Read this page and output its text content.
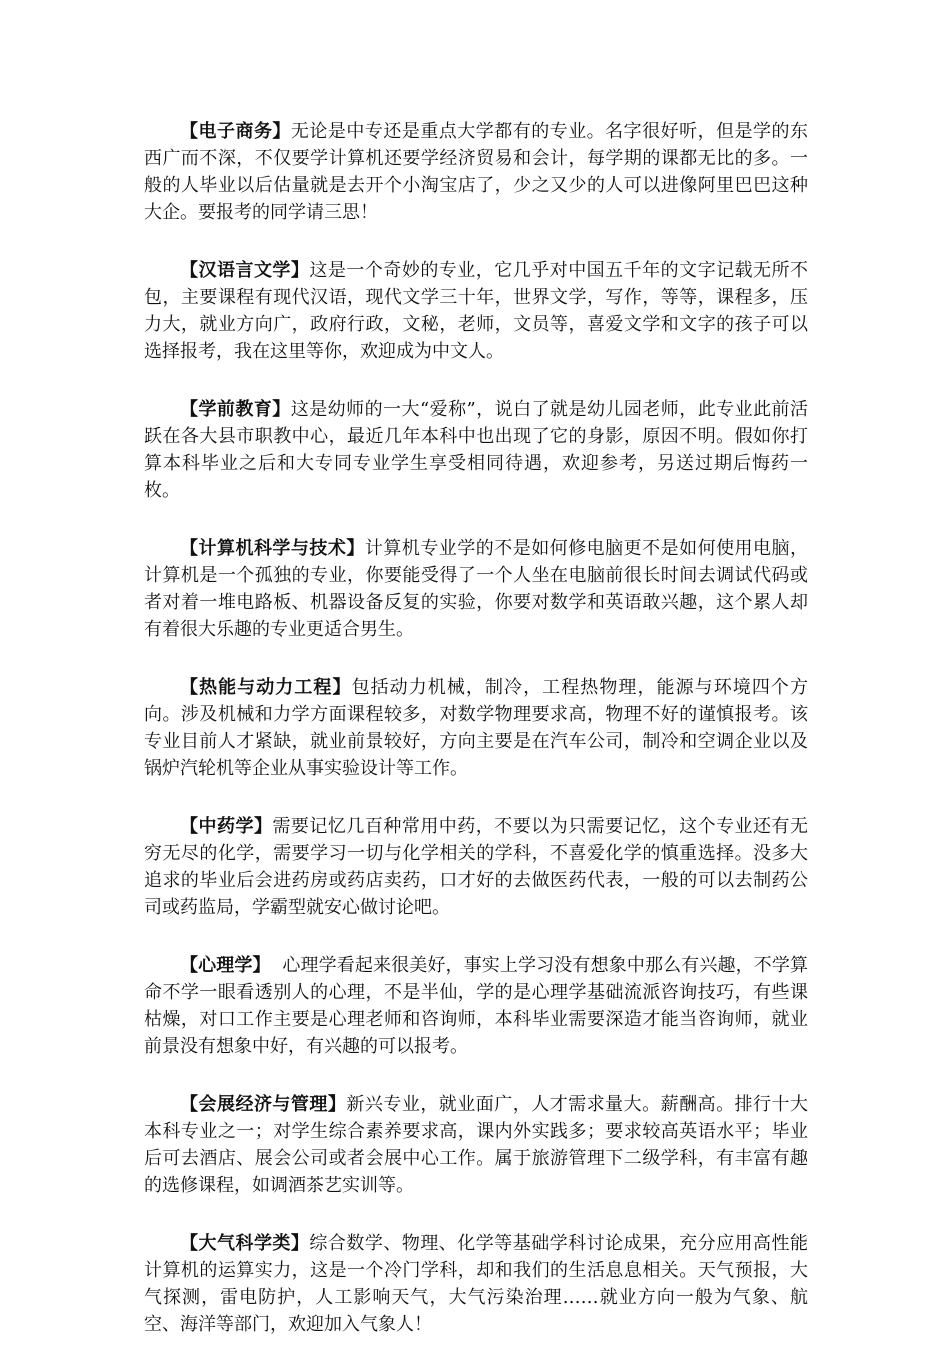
【电子商务】无论是中专还是重点大学都有的专业。名字很好听，但是学的东西广而不深，不仅要学计算机还要学经济贸易和会计，每学期的课都无比的多。一般的人毕业以后估量就是去开个小淘宝店了，少之又少的人可以进像阿里巴巴这种大企。要报考的同学请三思！

【汉语言文学】这是一个奇妙的专业，它几乎对中国五千年的文字记载无所不包，主要课程有现代汉语，现代文学三十年，世界文学，写作，等等，课程多，压力大，就业方向广，政府行政，文秘，老师，文员等，喜爱文学和文字的孩子可以选择报考，我在这里等你，欢迎成为中文人。

【学前教育】这是幼师的一大“爱称”，说白了就是幼儿园老师，此专业此前活跃在各大县市职教中心，最近几年本科中也出现了它的身影，原因不明。假如你打算本科毕业之后和大专同专业学生享受相同待遇，欢迎参考，另送过期后悔药一枚。

【计算机科学与技术】计算机专业学的不是如何修电脑更不是如何使用电脑，计算机是一个孤独的专业，你要能受得了一个人坐在电脑前很长时间去调试代码或者对着一堆电路板、机器设备反复的实验，你要对数学和英语敢兴趣，这个累人却有着很大乐趣的专业更适合男生。

【热能与动力工程】包括动力机械，制冷，工程热物理，能源与环境四个方向。涉及机械和力学方面课程较多，对数学物理要求高，物理不好的谨慎报考。该专业目前人才紧缺，就业前景较好，方向主要是在汽车公司，制冷和空调企业以及锅炉汽轮机等企业从事实验设计等工作。

【中药学】需要记忆几百种常用中药，不要以为只需要记忆，这个专业还有无穷无尽的化学，需要学习一切与化学相关的学科，不喜爱化学的慎重选择。没多大追求的毕业后会进药房或药店卖药，口才好的去做医药代表，一般的可以去制药公司或药监局，学霸型就安心做讨论吧。

【心理学】  心理学看起来很美好，事实上学习没有想象中那么有兴趣，不学算命不学一眼看透别人的心理，不是半仙，学的是心理学基础流派咨询技巧，有些课枯燥，对口工作主要是心理老师和咨询师，本科毕业需要深造才能当咨询师，就业前景没有想象中好，有兴趣的可以报考。

【会展经济与管理】新兴专业，就业面广，人才需求量大。薪酬高。排行十大本科专业之一；对学生综合素养要求高，课内外实践多；要求较高英语水平；毕业后可去酒店、展会公司或者会展中心工作。属于旅游管理下二级学科，有丰富有趣的选修课程，如调酒茶艺实训等。

【大气科学类】综合数学、物理、化学等基础学科讨论成果，充分应用高性能计算机的运算实力，这是一个冷门学科，却和我们的生活息息相关。天气预报，大气探测，雷电防护，人工影响天气，大气污染治理……就业方向一般为气象、航空、海洋等部门，欢迎加入气象人！
